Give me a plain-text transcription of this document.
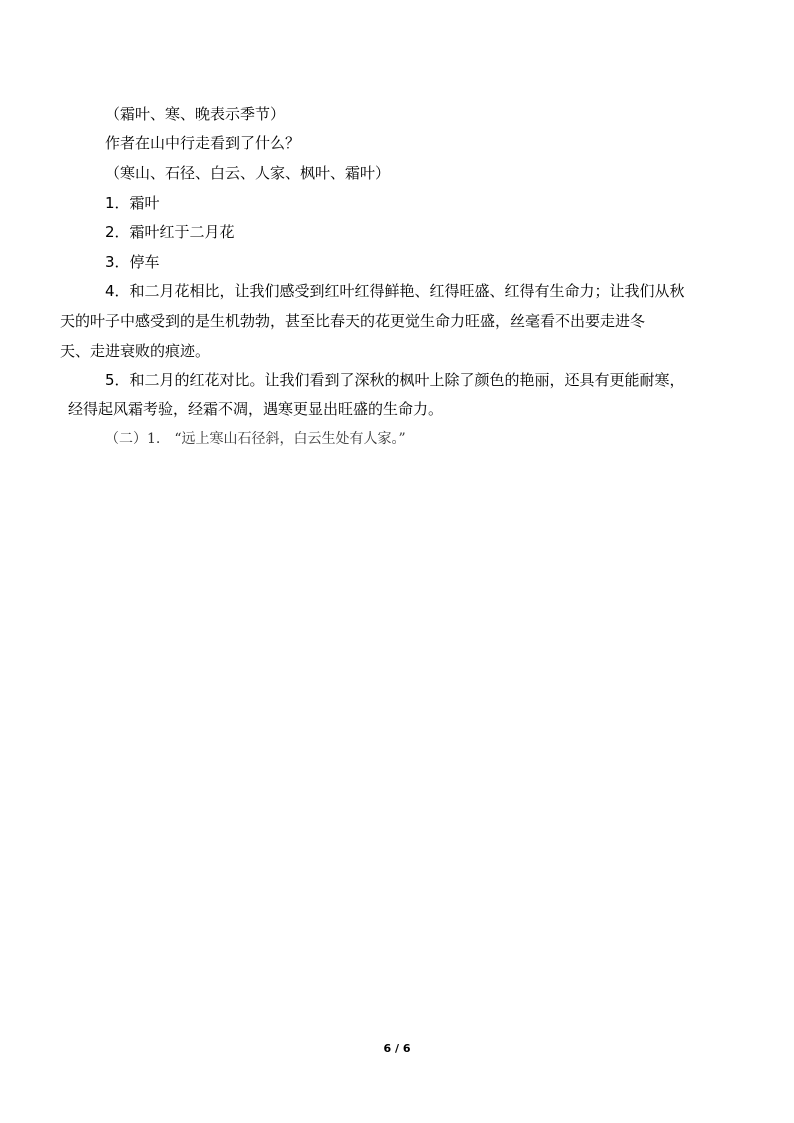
（霜叶、寒、晚表示季节）
作者在山中行走看到了什么？
（寒山、石径、白云、人家、枫叶、霜叶）
1．霜叶
2．霜叶红于二月花
3．停车
4．和二月花相比，让我们感受到红叶红得鲜艳、红得旺盛、红得有生命力；让我们从秋
天的叶子中感受到的是生机勃勃，甚至比春天的花更觉生命力旺盛，丝毫看不出要走进冬
天、走进衰败的痕迹。
5．和二月的红花对比。让我们看到了深秋的枫叶上除了颜色的艳丽，还具有更能耐寒，
经得起风霜考验，经霜不凋，遇寒更显出旺盛的生命力。
（二）1.　“远上寒山石径斜，白云生处有人家。”
6 / 6
